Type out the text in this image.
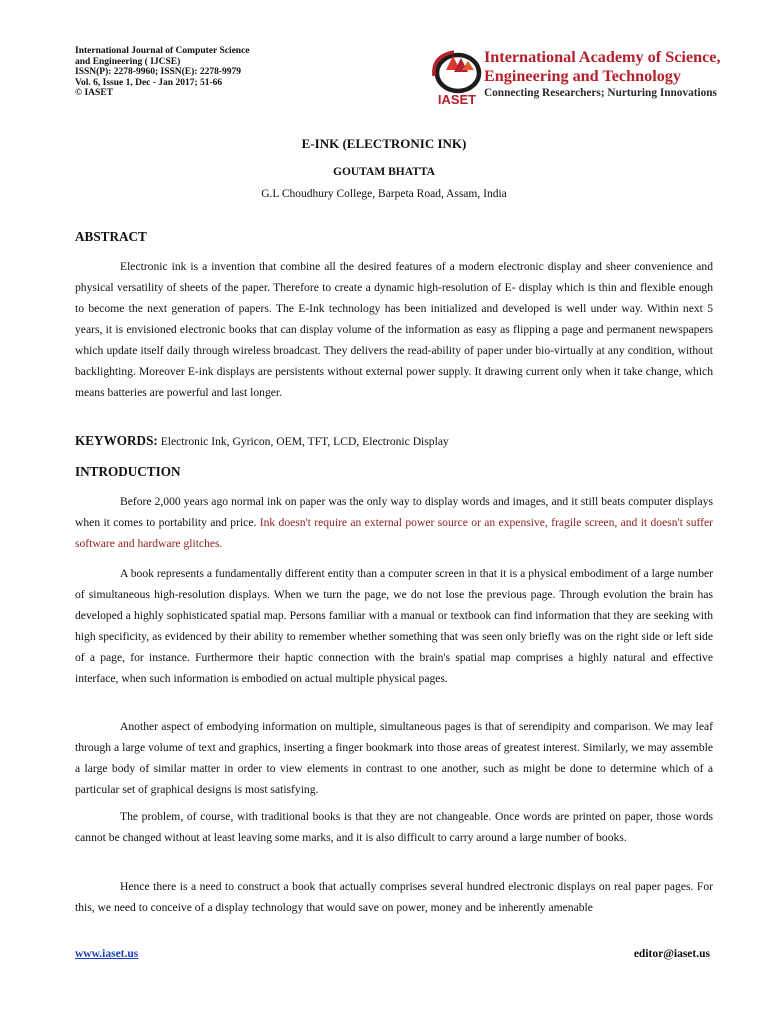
International Journal of Computer Science
and Engineering ( IJCSE)
ISSN(P): 2278-9960; ISSN(E): 2278-9979
Vol. 6, Issue 1, Dec - Jan 2017; 51-66
© IASET	IASET
International Academy of Science,
Engineering and Technology
Connecting Researchers; Nurturing Innovations
E-INK (ELECTRONIC INK)
GOUTAM BHATTA
G.L Choudhury College, Barpeta Road, Assam, India
ABSTRACT

Electronic ink is a invention that combine all the desired features of a modern electronic display and sheer convenience and physical versatility of sheets of the paper. Therefore to create a dynamic high-resolution of E- display which is thin and flexible enough to become the next generation of papers. The E-Ink technology has been initialized and developed is well under way. Within next 5 years, it is envisioned electronic books that can display volume of the information as easy as flipping a page and permanent newspapers which update itself daily through wireless broadcast. They delivers the read-ability of paper under bio-virtually at any condition, without backlighting. Moreover E-ink displays are persistents without external power supply. It drawing current only when it take change, which means batteries are powerful and last longer.

KEYWORDS: Electronic Ink, Gyricon, OEM, TFT, LCD, Electronic Display
INTRODUCTION

Before 2,000 years ago normal ink on paper was the only way to display words and images, and it still beats computer displays when it comes to portability and price. Ink doesn't require an external power source or an expensive, fragile screen, and it doesn't suffer software and hardware glitches.

A book represents a fundamentally different entity than a computer screen in that it is a physical embodiment of a large number of simultaneous high-resolution displays. When we turn the page, we do not lose the previous page. Through evolution the brain has developed a highly sophisticated spatial map. Persons familiar with a manual or textbook can find information that they are seeking with high specificity, as evidenced by their ability to remember whether something that was seen only briefly was on the right side or left side of a page, for instance. Furthermore their haptic connection with the brain's spatial map comprises a highly natural and effective interface, when such information is embodied on actual multiple physical pages.

Another aspect of embodying information on multiple, simultaneous pages is that of serendipity and comparison. We may leaf through a large volume of text and graphics, inserting a finger bookmark into those areas of greatest interest. Similarly, we may assemble a large body of similar matter in order to view elements in contrast to one another, such as might be done to determine which of a particular set of graphical designs is most satisfying.

The problem, of course, with traditional books is that they are not changeable. Once words are printed on paper, those words cannot be changed without at least leaving some marks, and it is also difficult to carry around a large number of books.

Hence there is a need to construct a book that actually comprises several hundred electronic displays on real paper pages. For this, we need to conceive of a display technology that would save on power, money and be inherently amenable

www.iaset.us	editor@iaset.us
